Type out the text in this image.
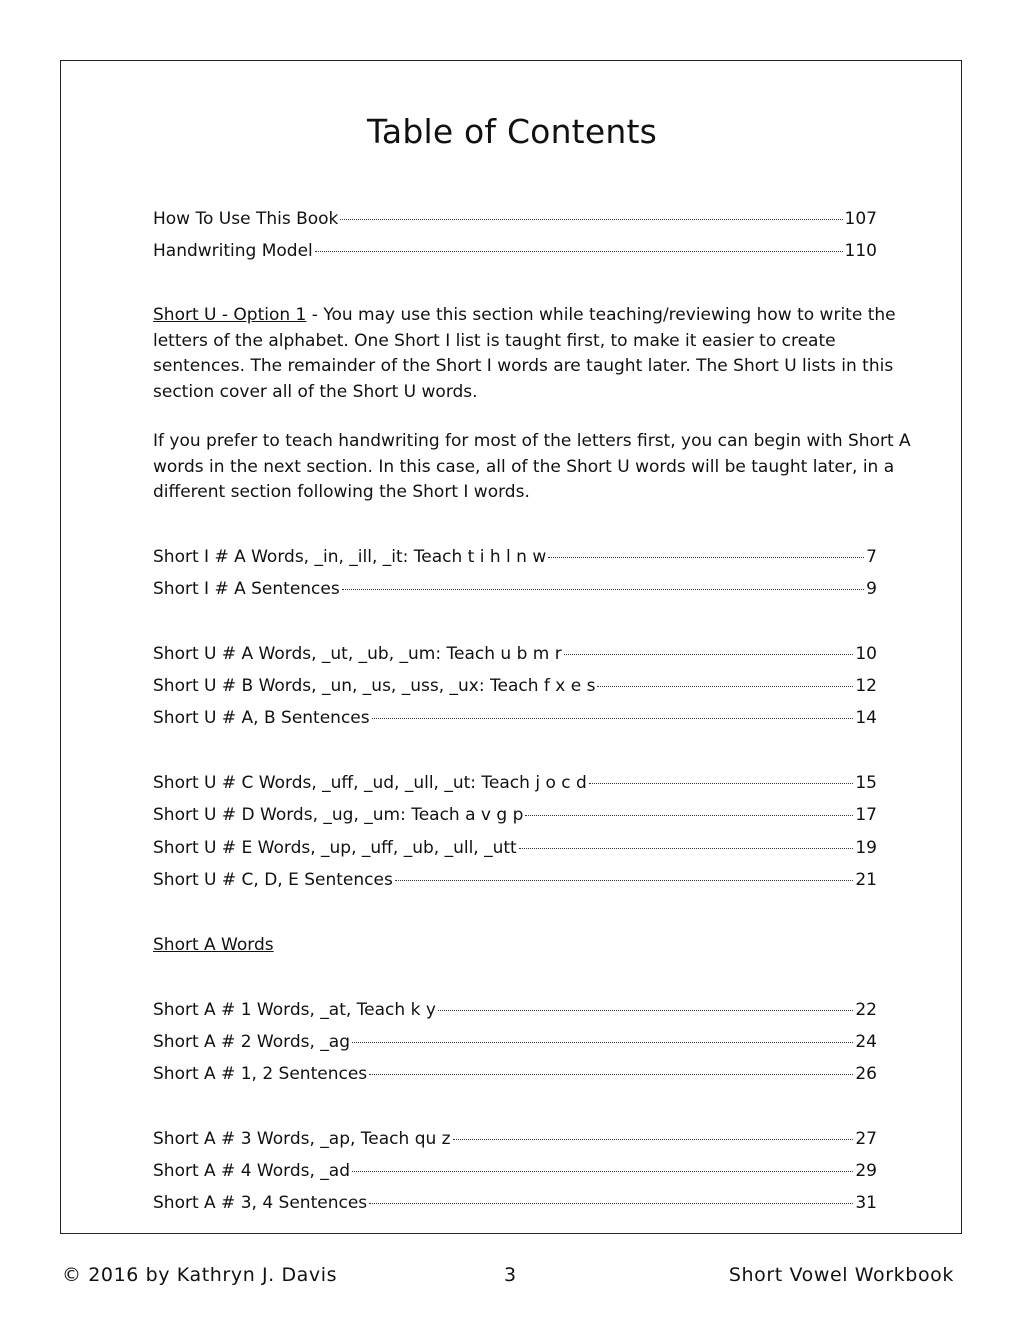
Table of Contents
How To Use This Book	107
Handwriting Model	110
Short U - Option 1 - You may use this section while teaching/reviewing how to write the letters of the alphabet. One Short I list is taught first, to make it easier to create sentences. The remainder of the Short I words are taught later. The Short U lists in this section cover all of the Short U words.
If you prefer to teach handwriting for most of the letters first, you can begin with Short A words in the next section. In this case, all of the Short U words will be taught later, in a different section following the Short I words.
Short I # A Words, _in, _ill, _it: Teach t i h l n w	7
Short I # A Sentences	9
Short U # A Words, _ut, _ub, _um: Teach u b m r	10
Short U # B Words, _un, _us, _uss, _ux: Teach f x e s	12
Short U # A, B Sentences	14
Short U # C Words, _uff, _ud, _ull, _ut: Teach j o c d	15
Short U # D Words, _ug, _um: Teach a v g p	17
Short U # E Words, _up, _uff, _ub, _ull, _utt	19
Short U # C, D, E Sentences	21
Short A Words
Short A # 1 Words, _at, Teach k y	22
Short A # 2 Words, _ag	24
Short A # 1, 2 Sentences	26
Short A # 3 Words, _ap, Teach qu z	27
Short A # 4 Words, _ad	29
Short A # 3, 4 Sentences	31
© 2016 by Kathryn J. Davis	3	Short Vowel Workbook
